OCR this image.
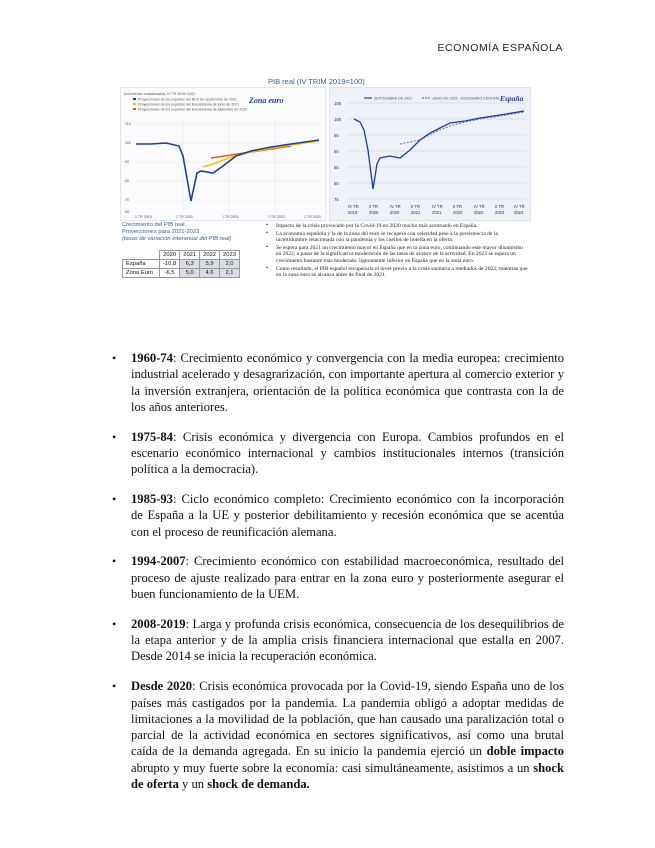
ECONOMÍA ESPAÑOLA
PIB real (IV TRIM 2019=100)
(volúmenes encadenados, IV TR 2019=100)
Proyecciones de los expertos del BCE de septiembre de 2021
Proyecciones de los expertos del Eurosistema de junio de 2021
Proyecciones de los expertos del Eurosistema de diciembre de 2020
Zona euro
110
100
90
80
70
60
1 TR 2019	1 TR 2020	1 TR 2021	1 TR 2022	1 TR 2023
SEPTIEMBRE DE 2021	JUNIO DE 2021 - ESCENARIO CENTRAL España
105
100
95
90
85
80
75
IV TR
2019
II TR
2020
IV TR
2020
II TR
2021
IV TR
2021
II TR
2022
IV TR
2022
II TR
2023
IV TR
2023
Crecimiento del PIB real .
Proyecciones para 2021-2023
(tasas de variación interanual del PIB real)
	2020	2021	2022	2023
España	-10,8	6,3	5,9	2,0
Zona Euro	-6,5	5,0	4,6	2,1
▪ Impacto de la crisis provocado por la Covid-19 en 2020 mucho más acentuado en España.
▪ La economía española y la de la zona del euro se recupera con celeridad pese a la persistencia de la incertidumbre relacionada con la pandemia y los cuellos de botella en la oferta.
▪ Se espera para 2021 un crecimiento mayor en España que en la zona euro, continuando este mayor dinamismo en 2022, a pasar de la significativa moderación de las tasas de avance de la actividad. En 2023 se espera un crecimiento bastante más moderado, ligeramente inferior en España que en la zona euro.
▪ Como resultado, el PIB español recuperaría el nivel previo a la crisis sanitaria a mediados de 2022, mientras que en la zona euro se alcanza antes de final de 2021.
• 1960-74: Crecimiento económico y convergencia con la media europea: crecimiento industrial acelerado y desagrarización, con importante apertura al comercio exterior y la inversión extranjera, orientación de la política económica que contrasta con la de los años anteriores.
• 1975-84: Crisis económica y divergencia con Europa. Cambios profundos en el escenario económico internacional y cambios institucionales internos (transición política a la democracia).
• 1985-93: Ciclo económico completo: Crecimiento económico con la incorporación de España a la UE y posterior debilitamiento y recesión económica que se acentúa con el proceso de reunificación alemana.
• 1994-2007: Crecimiento económico con estabilidad macroeconómica, resultado del proceso de ajuste realizado para entrar en la zona euro y posteriormente asegurar el buen funcionamiento de la UEM.
• 2008-2019: Larga y profunda crisis económica, consecuencia de los desequilibrios de la etapa anterior y de la amplia crisis financiera internacional que estalla en 2007. Desde 2014 se inicia la recuperación económica.
• Desde 2020: Crisis económica provocada por la Covid-19, siendo España uno de los países más castigados por la pandemia. La pandemia obligó a adoptar medidas de limitaciones a la movilidad de la población, que han causado una paralización total o parcial de la actividad económica en sectores significativos, así como una brutal caída de la demanda agregada. En su inicio la pandemia ejerció un doble impacto abrupto y muy fuerte sobre la economía: casi simultáneamente, asistimos a un shock de oferta y un shock de demanda.
